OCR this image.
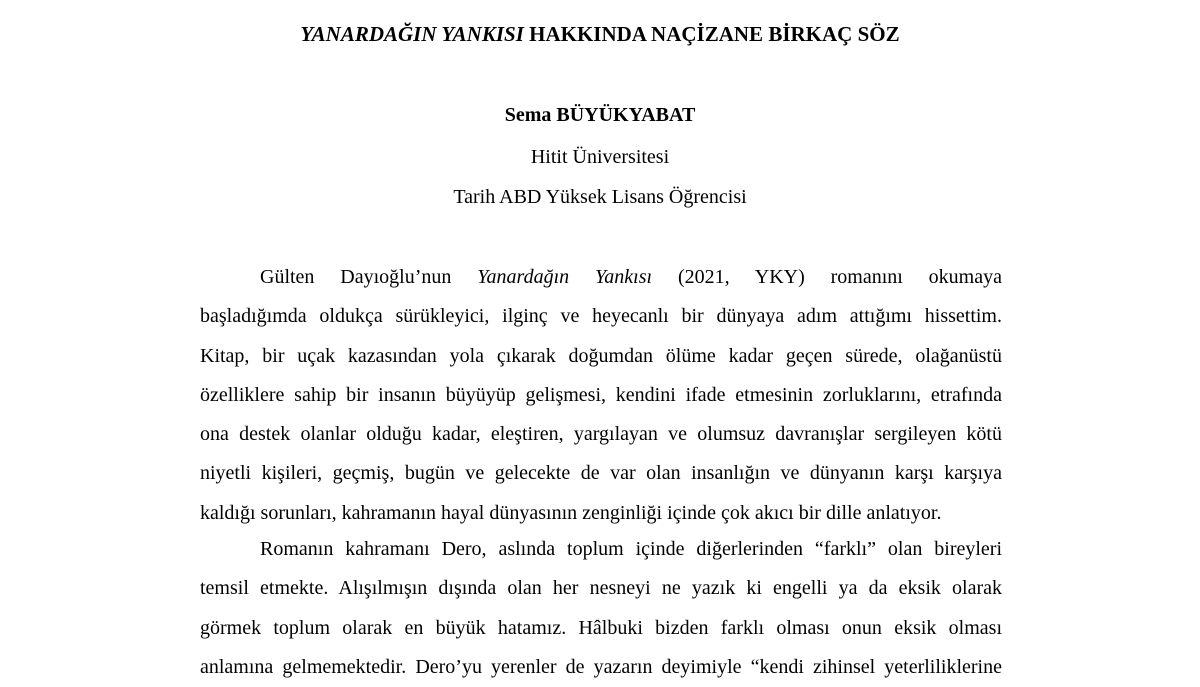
YANARDAĞIN YANKISI HAKKINDA NAÇİZANE BİRKAÇ SÖZ
Sema BÜYÜKYABAT
Hitit Üniversitesi
Tarih ABD Yüksek Lisans Öğrencisi
Gülten Dayıoğlu’nun Yanardağın Yankısı (2021, YKY) romanını okumaya
başladığımda oldukça sürükleyici, ilginç ve heyecanlı bir dünyaya adım attığımı hissettim.
Kitap, bir uçak kazasından yola çıkarak doğumdan ölüme kadar geçen sürede, olağanüstü
özelliklere sahip bir insanın büyüyüp gelişmesi, kendini ifade etmesinin zorluklarını, etrafında
ona destek olanlar olduğu kadar, eleştiren, yargılayan ve olumsuz davranışlar sergileyen kötü
niyetli kişileri, geçmiş, bugün ve gelecekte de var olan insanlığın ve dünyanın karşı karşıya
kaldığı sorunları, kahramanın hayal dünyasının zenginliği içinde çok akıcı bir dille anlatıyor.
Romanın kahramanı Dero, aslında toplum içinde diğerlerinden “farklı” olan bireyleri
temsil etmekte. Alışılmışın dışında olan her nesneyi ne yazık ki engelli ya da eksik olarak
görmek toplum olarak en büyük hatamız. Hâlbuki bizden farklı olması onun eksik olması
anlamına gelmemektedir. Dero’yu yerenler de yazarın deyimiyle “kendi zihinsel yeterliliklerine
